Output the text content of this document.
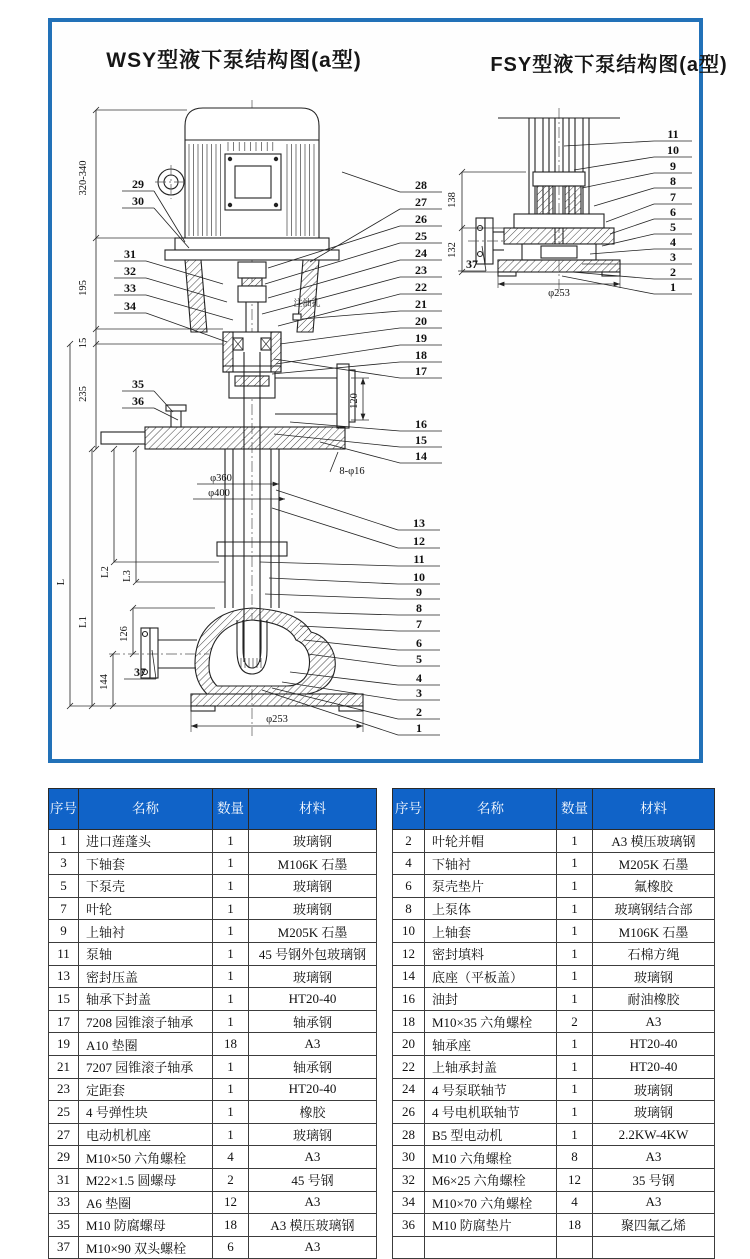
WSY型液下泵结构图(a型)	FSY型液下泵结构图(a型)
320-340
195
15
235
L
L1
L2 L3
126
144
φ360
φ400
φ253
120
8-φ16
注油孔
28
27
26
25
24
23
22
21
20
19
18
17
16
15
14
13
12
11
10
9
8
7
6
5
4
3
2
1
29
30
31
32
33
34
35
36
37
138
132
φ253
11
10
9
8
7
6
5
4
3
2
1
37
序号	名称	数量	材料
1	进口莲蓬头	1	玻璃钢
3	下轴套	1	M106K 石墨
5	下泵壳	1	玻璃钢
7	叶轮	1	玻璃钢
9	上轴衬	1	M205K 石墨
11	泵轴	1	45 号钢外包玻璃钢
13	密封压盖	1	玻璃钢
15	轴承下封盖	1	HT20-40
17	7208 园锥滚子轴承	1	轴承钢
19	A10 垫圈	18	A3
21	7207 园锥滚子轴承	1	轴承钢
23	定距套	1	HT20-40
25	4 号弹性块	1	橡胶
27	电动机机座	1	玻璃钢
29	M10×50 六角螺栓	4	A3
31	M22×1.5 圆螺母	2	45 号钢
33	A6 垫圈	12	A3
35	M10 防腐螺母	18	A3 模压玻璃钢
37	M10×90 双头螺栓	6	A3
序号	名称	数量	材料
2	叶轮并帽	1	A3 模压玻璃钢
4	下轴衬	1	M205K 石墨
6	泵壳垫片	1	氟橡胶
8	上泵体	1	玻璃钢结合部
10	上轴套	1	M106K 石墨
12	密封填料	1	石棉方绳
14	底座（平板盖）	1	玻璃钢
16	油封	1	耐油橡胶
18	M10×35 六角螺栓	2	A3
20	轴承座	1	HT20-40
22	上轴承封盖	1	HT20-40
24	4 号泵联轴节	1	玻璃钢
26	4 号电机联轴节	1	玻璃钢
28	B5 型电动机	1	2.2KW-4KW
30	M10 六角螺栓	8	A3
32	M6×25 六角螺栓	12	35 号钢
34	M10×70 六角螺栓	4	A3
36	M10 防腐垫片	18	聚四氟乙烯
